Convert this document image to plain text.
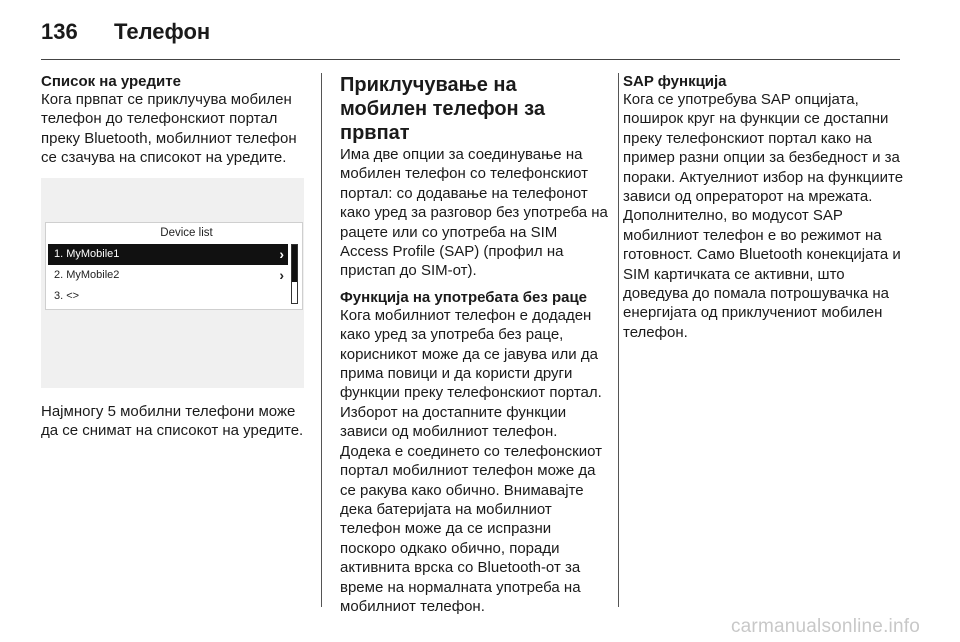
136	Телефон
Список на уредите

Кога првпат се приклучува мобилен телефон до телефонскиот портал преку Bluetooth, мобилниот телефон се сзачува на списокот на уредите.

Device list
1. MyMobile1	›
2. MyMobile2	›
3. <>

Најмногу 5 мобилни телефони може да се снимат на списокот на уредите.

Приклучување на мобилен телефон за првпат

Има две опции за соединување на мобилен телефон со телефонскиот портал: со додавање на телефонот како уред за разговор без употреба на рацете или со употреба на SIM Access Profile (SAP) (профил на пристап до SIM-от).

Функција на употребата без раце

Кога мобилниот телефон е додаден како уред за употреба без раце, корисникот може да се јавува или да прима повици и да користи други функции преку телефонскиот портал. Изборот на достапните функции зависи од мобилниот телефон. Додека е соединето со телефонскиот портал мобилниот телефон може да се ракува како обично. Внимавајте дека батеријата на мобилниот телефон може да се испразни поскоро одкако обично, поради активнита врска со Bluetooth-от за време на нормалната употреба на мобилниот телефон.

SAP функција

Кога се употребува SAP опцијата, поширок круг на функции се достапни преку телефонскиот портал како на пример разни опции за безбедност и за пораки. Актуелниот избор на функциите зависи од опрераторот на мрежата. Дополнително, во модусот SAP мобилниот телефон е во режимот на готовност. Само Bluetooth конекцијата и SIM картичката се активни, што доведува до помала потрошувачка на енергијата од приклучениот мобилен телефон.

carmanualsonline.info
